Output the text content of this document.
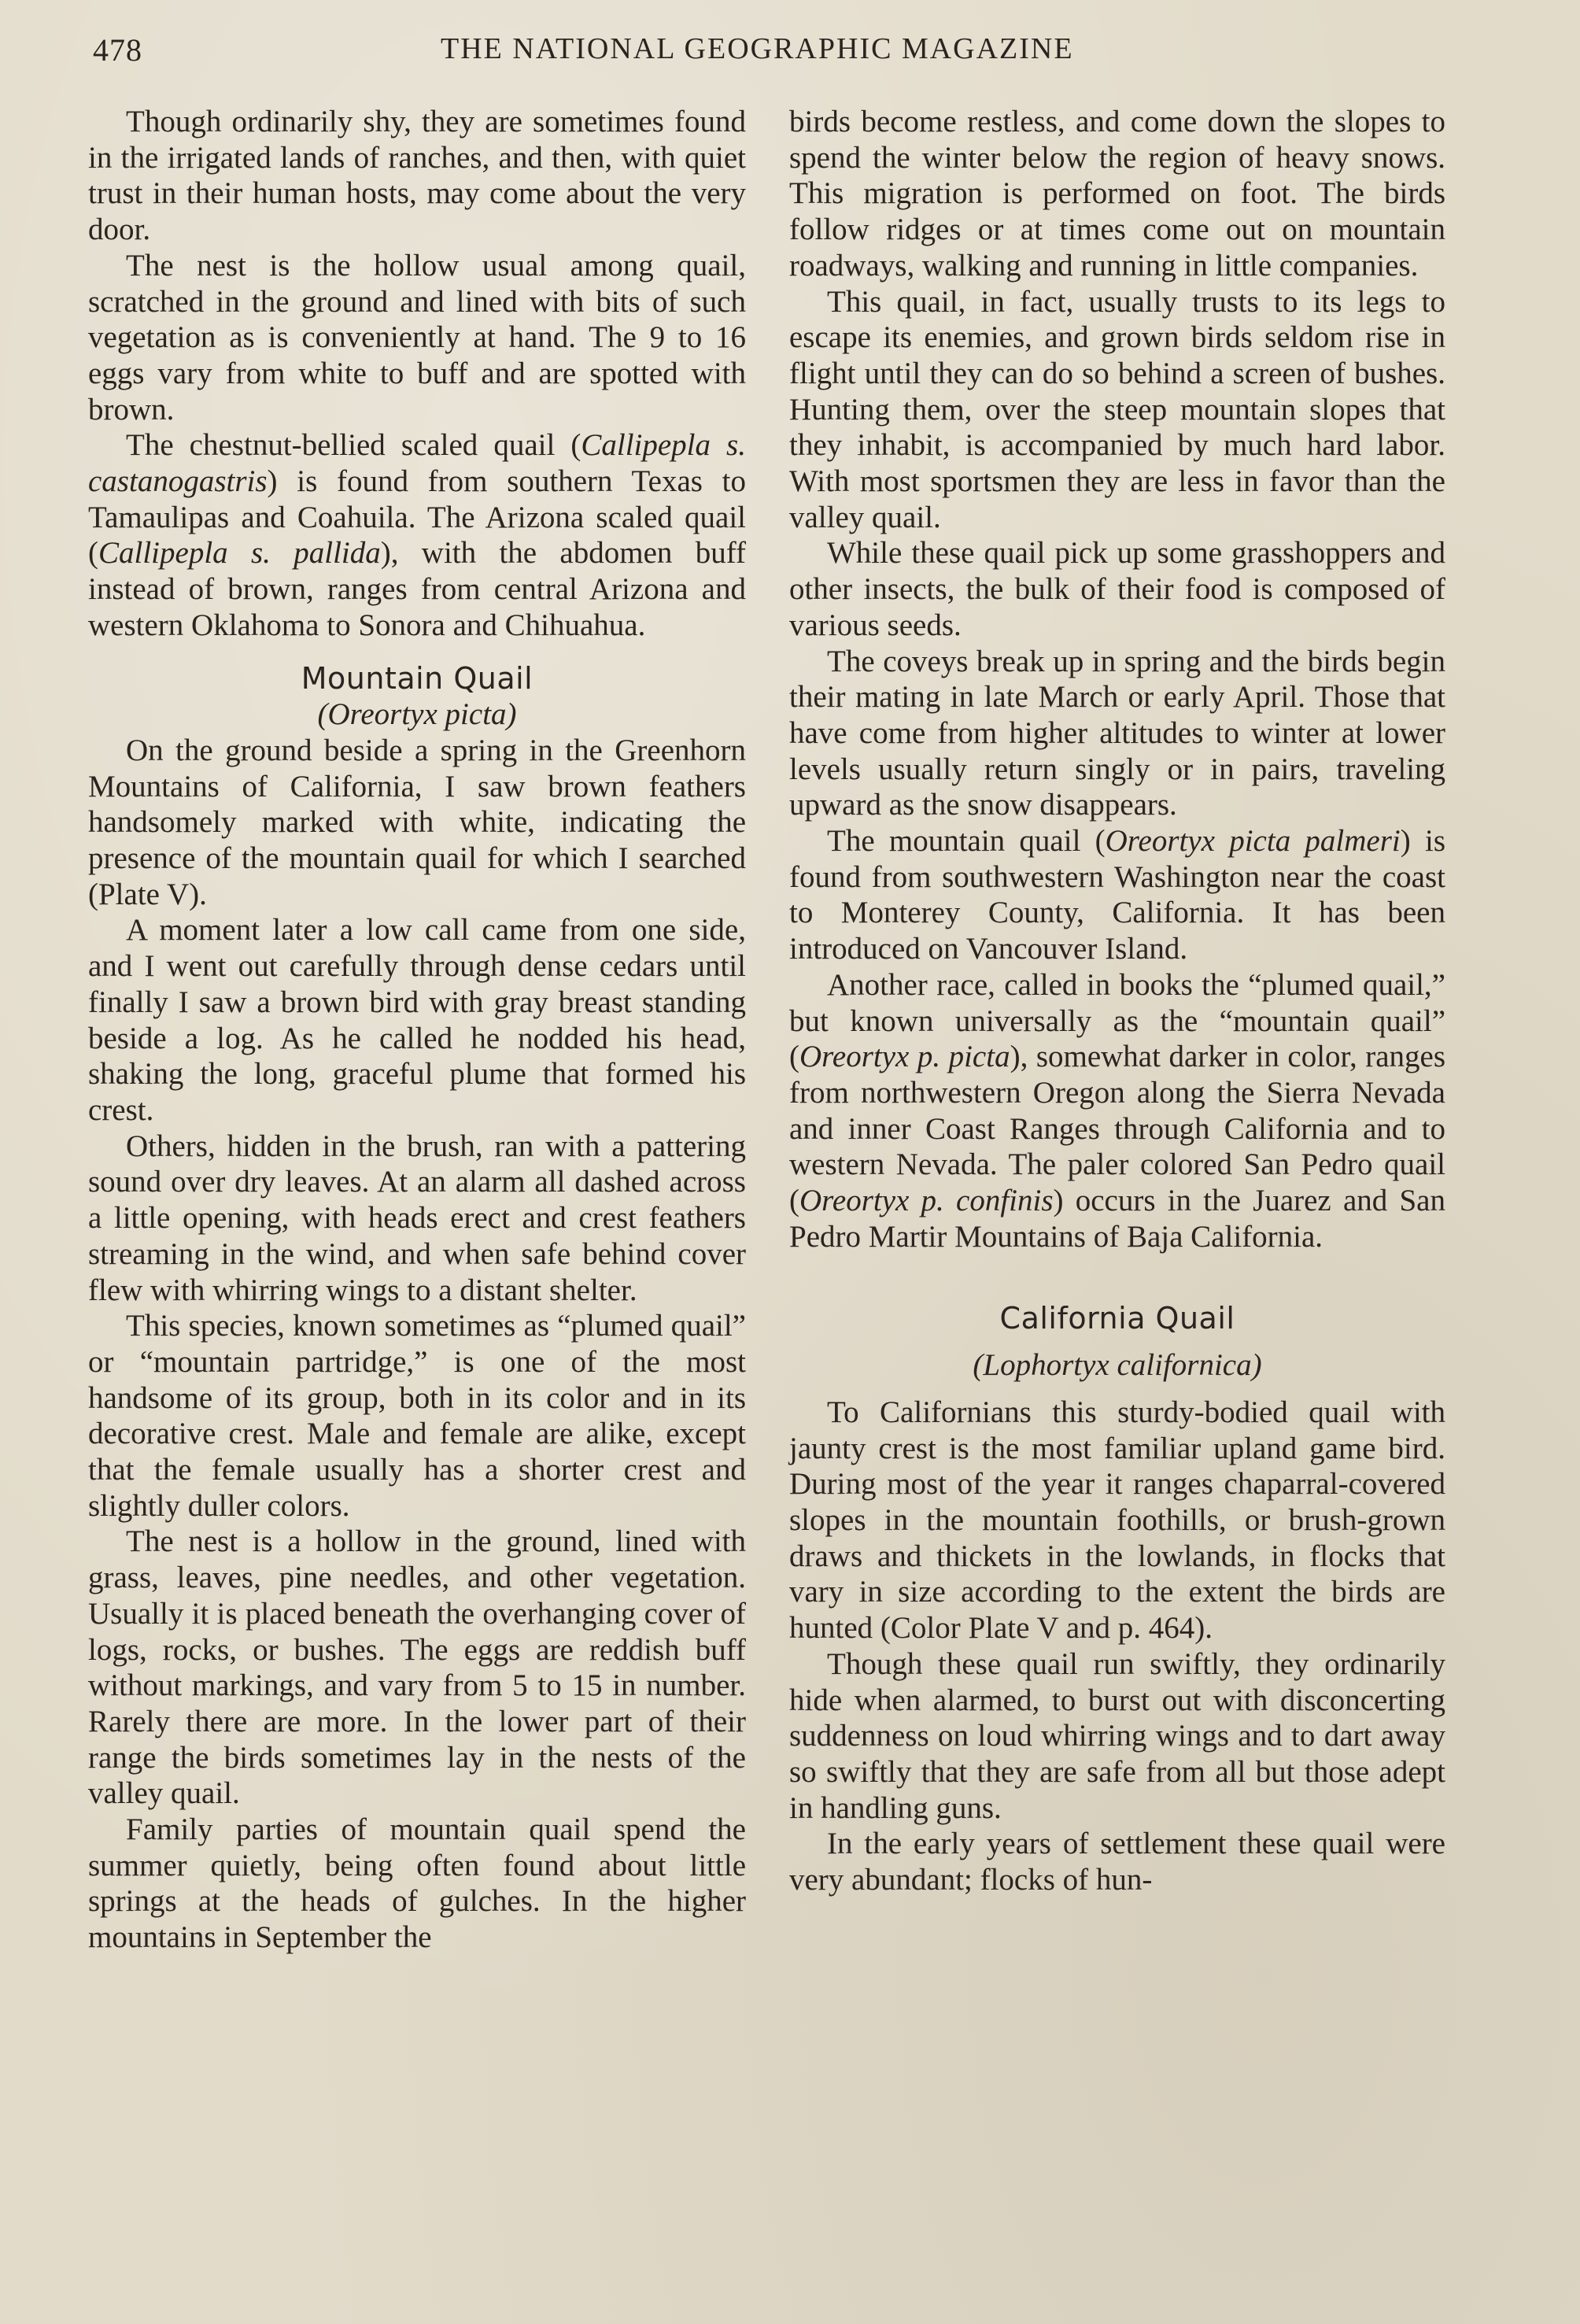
478	THE NATIONAL GEOGRAPHIC MAGAZINE

Though ordinarily shy, they are sometimes found in the irrigated lands of ranches, and then, with quiet trust in their human hosts, may come about the very door.

The nest is the hollow usual among quail, scratched in the ground and lined with bits of such vegetation as is conveniently at hand. The 9 to 16 eggs vary from white to buff and are spotted with brown.

The chestnut-bellied scaled quail (Callipepla s. castanogastris) is found from southern Texas to Tamaulipas and Coahuila. The Arizona scaled quail (Callipepla s. pallida), with the abdomen buff instead of brown, ranges from central Arizona and western Oklahoma to Sonora and Chihuahua.

Mountain Quail
(Oreortyx picta)

On the ground beside a spring in the Greenhorn Mountains of California, I saw brown feathers handsomely marked with white, indicating the presence of the mountain quail for which I searched (Plate V).

A moment later a low call came from one side, and I went out carefully through dense cedars until finally I saw a brown bird with gray breast standing beside a log. As he called he nodded his head, shaking the long, graceful plume that formed his crest.

Others, hidden in the brush, ran with a pattering sound over dry leaves. At an alarm all dashed across a little opening, with heads erect and crest feathers streaming in the wind, and when safe behind cover flew with whirring wings to a distant shelter.

This species, known sometimes as “plumed quail” or “mountain partridge,” is one of the most handsome of its group, both in its color and in its decorative crest. Male and female are alike, except that the female usually has a shorter crest and slightly duller colors.

The nest is a hollow in the ground, lined with grass, leaves, pine needles, and other vegetation. Usually it is placed beneath the overhanging cover of logs, rocks, or bushes. The eggs are reddish buff without markings, and vary from 5 to 15 in number. Rarely there are more. In the lower part of their range the birds sometimes lay in the nests of the valley quail.

Family parties of mountain quail spend the summer quietly, being often found about little springs at the heads of gulches. In the higher mountains in September the

birds become restless, and come down the slopes to spend the winter below the region of heavy snows. This migration is performed on foot. The birds follow ridges or at times come out on mountain roadways, walking and running in little companies.

This quail, in fact, usually trusts to its legs to escape its enemies, and grown birds seldom rise in flight until they can do so behind a screen of bushes. Hunting them, over the steep mountain slopes that they inhabit, is accompanied by much hard labor. With most sportsmen they are less in favor than the valley quail.

While these quail pick up some grasshoppers and other insects, the bulk of their food is composed of various seeds.

The coveys break up in spring and the birds begin their mating in late March or early April. Those that have come from higher altitudes to winter at lower levels usually return singly or in pairs, traveling upward as the snow disappears.

The mountain quail (Oreortyx picta palmeri) is found from southwestern Washington near the coast to Monterey County, California. It has been introduced on Vancouver Island.

Another race, called in books the “plumed quail,” but known universally as the “mountain quail” (Oreortyx p. picta), somewhat darker in color, ranges from northwestern Oregon along the Sierra Nevada and inner Coast Ranges through California and to western Nevada. The paler colored San Pedro quail (Oreortyx p. confinis) occurs in the Juarez and San Pedro Martir Mountains of Baja California.

California Quail
(Lophortyx californica)

To Californians this sturdy-bodied quail with jaunty crest is the most familiar upland game bird. During most of the year it ranges chaparral-covered slopes in the mountain foothills, or brush-grown draws and thickets in the lowlands, in flocks that vary in size according to the extent the birds are hunted (Color Plate V and p. 464).

Though these quail run swiftly, they ordinarily hide when alarmed, to burst out with disconcerting suddenness on loud whirring wings and to dart away so swiftly that they are safe from all but those adept in handling guns.

In the early years of settlement these quail were very abundant; flocks of hun-
